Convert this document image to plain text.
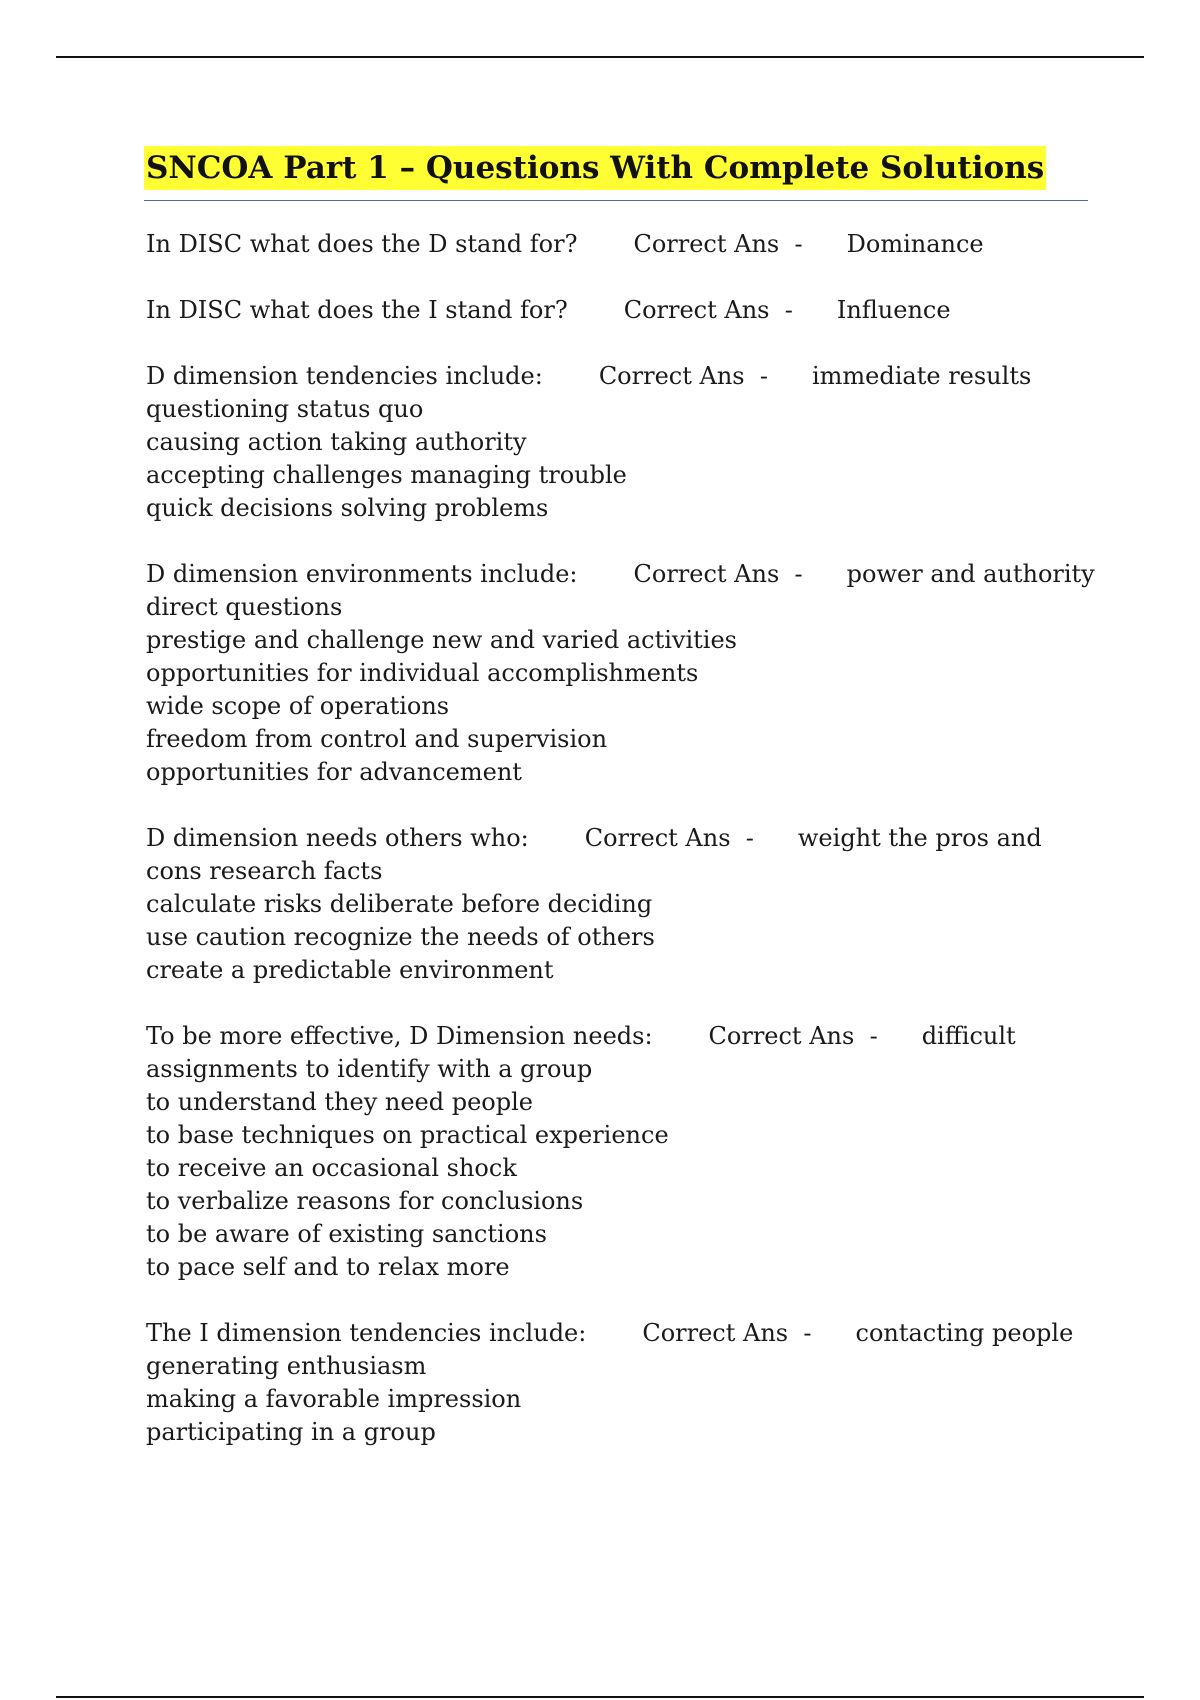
SNCOA Part 1 – Questions With Complete Solutions
In DISC what does the D stand for? Correct Ans  - Dominance
In DISC what does the I stand for? Correct Ans  - Influence
D dimension tendencies include: Correct Ans  - immediate results
questioning status quo
causing action taking authority
accepting challenges managing trouble
quick decisions solving problems
D dimension environments include: Correct Ans  - power and authority
direct questions
prestige and challenge new and varied activities
opportunities for individual accomplishments
wide scope of operations
freedom from control and supervision
opportunities for advancement
D dimension needs others who: Correct Ans  - weight the pros and
cons research facts
calculate risks deliberate before deciding
use caution recognize the needs of others
create a predictable environment
To be more effective, D Dimension needs: Correct Ans  - difficult
assignments to identify with a group
to understand they need people
to base techniques on practical experience
to receive an occasional shock
to verbalize reasons for conclusions
to be aware of existing sanctions
to pace self and to relax more
The I dimension tendencies include: Correct Ans  - contacting people
generating enthusiasm
making a favorable impression
participating in a group
